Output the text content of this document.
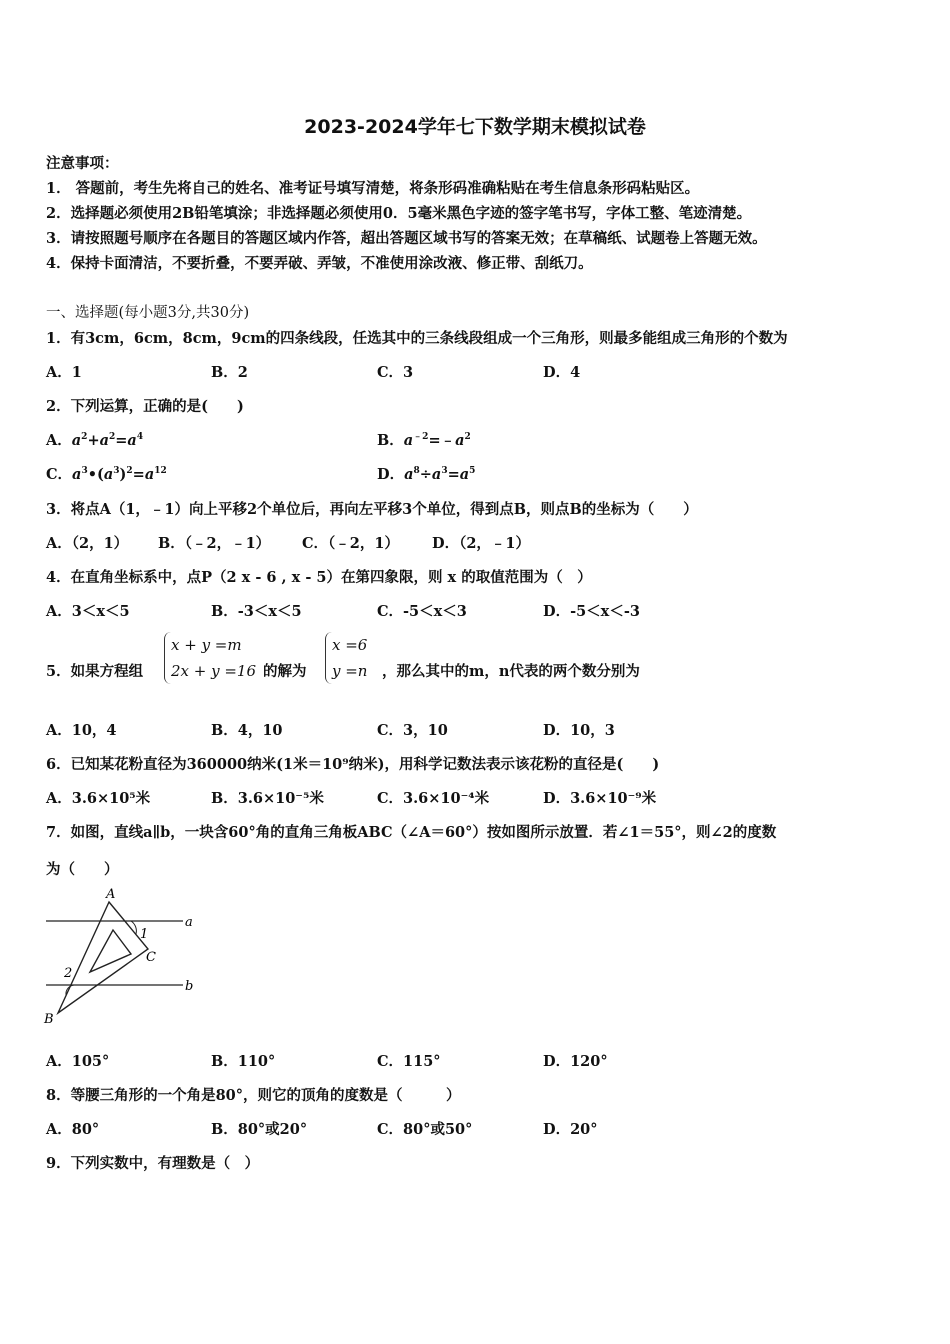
2023-2024学年七下数学期末模拟试卷
注意事项：
1． 答题前，考生先将自己的姓名、准考证号填写清楚，将条形码准确粘贴在考生信息条形码粘贴区。
2．选择题必须使用2B铅笔填涂；非选择题必须使用0．5毫米黑色字迹的签字笔书写，字体工整、笔迹清楚。
3．请按照题号顺序在各题目的答题区域内作答，超出答题区域书写的答案无效；在草稿纸、试题卷上答题无效。
4．保持卡面清洁，不要折叠，不要弄破、弄皱，不准使用涂改液、修正带、刮纸刀。
一、选择题(每小题3分,共30分)
1．有3cm，6cm，8cm，9cm的四条线段，任选其中的三条线段组成一个三角形，则最多能组成三角形的个数为
A．1	B．2	C．3	D．4
2．下列运算，正确的是(　　)
A．$a^2+a^2=a^4$	B．$a^{﹣2}=﹣a^2$
C．$a^3•(a^3)^2=a^{12}$	D．$a^8\div a^3=a^5$
3．将点A（1，﹣1）向上平移2个单位后，再向左平移3个单位，得到点B，则点B的坐标为（　　）
A．（2，1） B．（﹣2，﹣1） C．（﹣2，1） D．（2，﹣1）
4．在直角坐标系中，点P（2 x - 6 , x - 5）在第四象限，则 x 的取值范围为（　）
A．3＜x＜5	B．-3＜x＜5	C．-5＜x＜3	D．-5＜x＜-3
5．如果方程组
x + y =m
2x + y =16 的解为
x =6
y =n ，那么其中的m，n代表的两个数分别为
A．10，4	B．4，10	C．3，10	D．10，3
6．已知某花粉直径为360000纳米(1米＝10⁹纳米)，用科学记数法表示该花粉的直径是(　　)
A．3.6×10⁵米	B．3.6×10⁻⁵米	C．3.6×10⁻⁴米	D．3.6×10⁻⁹米
7．如图，直线a∥b，一块含60°角的直角三角板ABC（∠A＝60°）按如图所示放置．若∠1＝55°，则∠2的度数
为（　　）
A
B
C
a
b
1
2
A．105°	B．110°	C．115°	D．120°
8．等腰三角形的一个角是80°，则它的顶角的度数是（　　　）
A．80°	B．80°或20°	C．80°或50°	D．20°
9．下列实数中，有理数是（　）
